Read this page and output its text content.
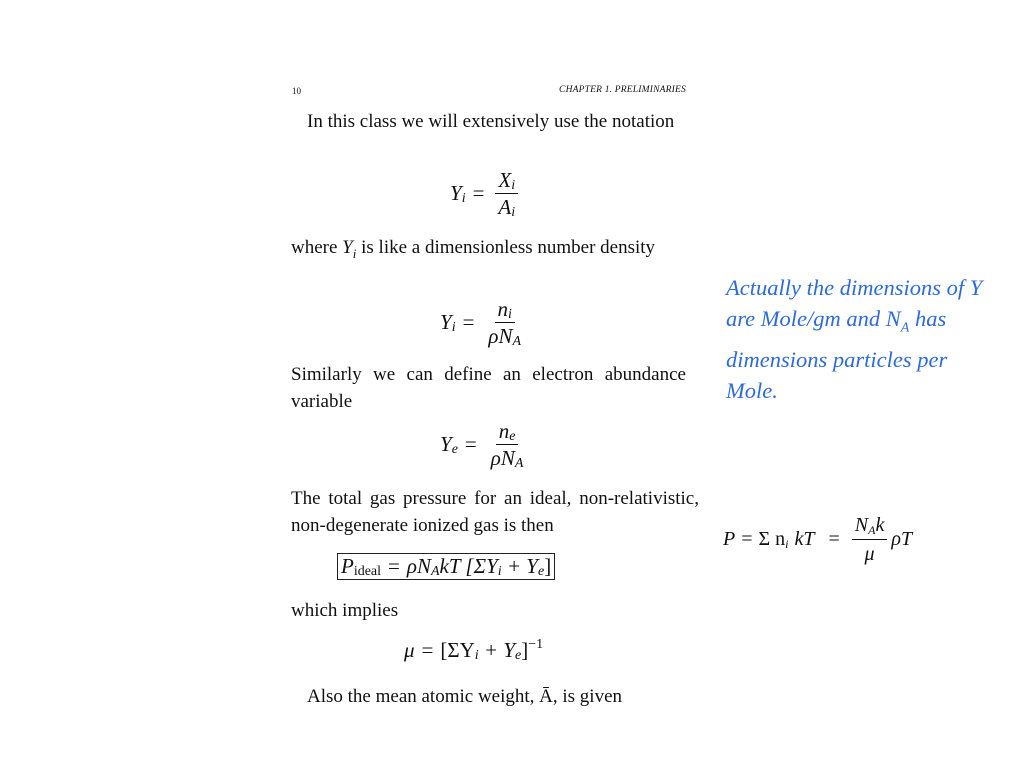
10	CHAPTER 1. PRELIMINARIES
In this class we will extensively use the notation
$Y_i = \frac{X_i}{A_i}$
where $Y_i$ is like a dimensionless number density
$Y_i = \frac{n_i}{\rho N_A}$
Similarly we can define an electron abundance variable
$Y_e = \frac{n_e}{\rho N_A}$
The total gas pressure for an ideal, non-relativistic, non-degenerate ionized gas is then
$P_{ideal} = \rho N_AkT$ $[\Sigma Y_i + Y_e]$
which implies
$\mu = [\Sigma Y_i + Y_e]^{-1}$
Also the mean atomic weight, Ā, is given
Actually the dimensions of Y are Mole/gm and $N_A$ has dimensions particles per Mole.
P = Σ $n_i$ kT = $\frac{N_Ak}{\mu}$ ρT
